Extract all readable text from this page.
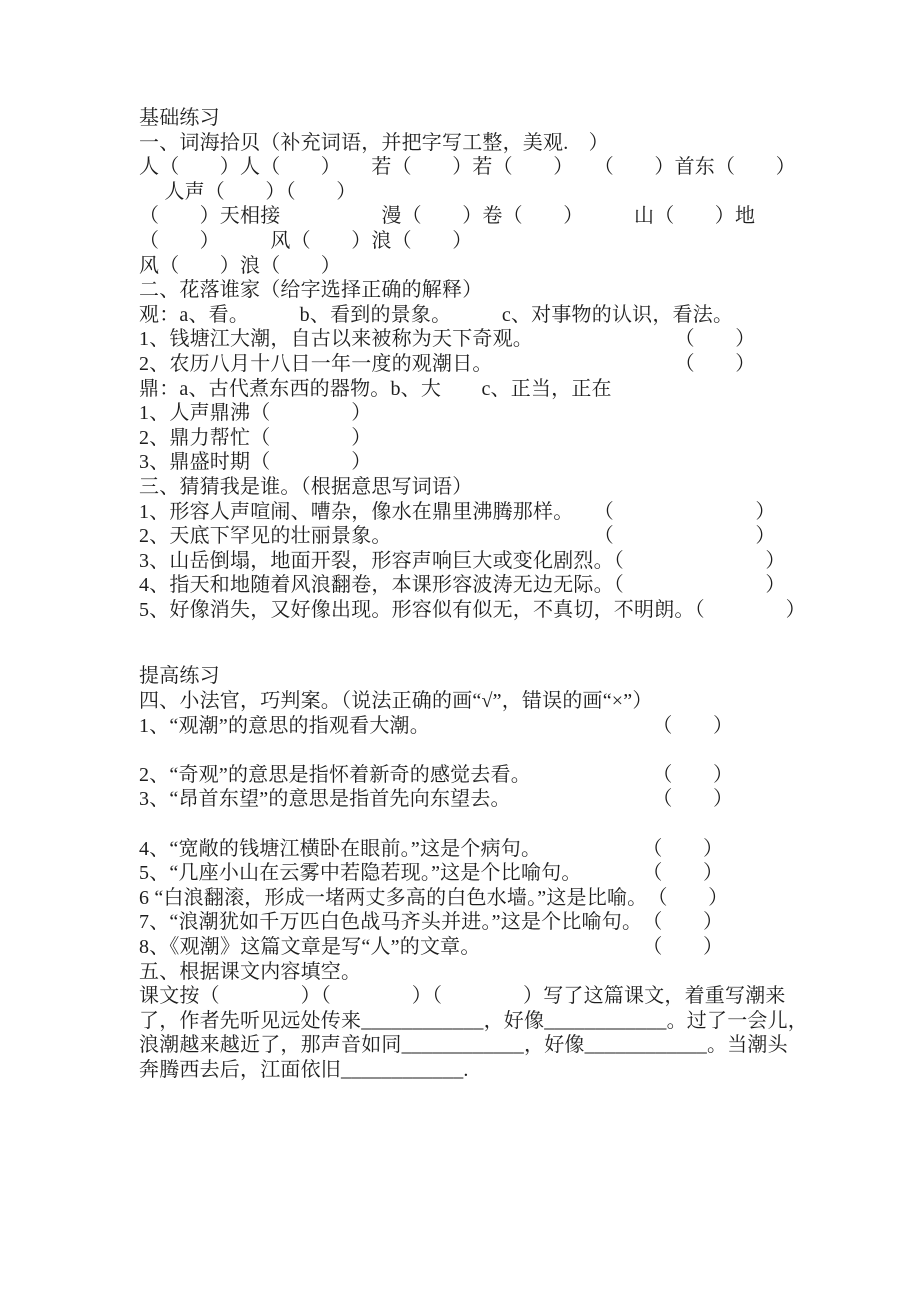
基础练习
一、词海拾贝（补充词语，并把字写工整，美观.　）
人（　　）人（　　）　　若（　　）若（　　）　　（　　）首东（　　）
　 人声（　　）（　　）
（　　）天相接　　　　　漫（　　）卷（　　）　　　山（　　）地
（　　）　　　风（　　）浪（　　）
风（　　）浪（　　）
二、花落谁家（给字选择正确的解释）
观：a、看。　　　b、看到的景象。　　　c、对事物的认识，看法。
1、钱塘江大潮，自古以来被称为天下奇观。　　　　　　　　（　　）
2、农历八月十八日一年一度的观潮日。　　　　　　　　　　（　　）
鼎：a、古代煮东西的器物。b、大　　c、正当，正在
1、人声鼎沸（　　　　）
2、鼎力帮忙（　　　　）
3、鼎盛时期（　　　　）
三、猜猜我是谁。（根据意思写词语）
1、形容人声喧闹、嘈杂，像水在鼎里沸腾那样。　　（　　　　　　　）
2、天底下罕见的壮丽景象。　　　　　　　　　　　（　　　　　　　）
3、山岳倒塌，地面开裂，形容声响巨大或变化剧烈。（　　　　　　　）
4、指天和地随着风浪翻卷，本课形容波涛无边无际。（　　　　　　　）
5、好像消失，又好像出现。形容似有似无，不真切，不明朗。（　　　　）
提高练习
四、小法官，巧判案。（说法正确的画“√”，错误的画“×”）
1、“观潮”的意思的指观看大潮。　　　　　　　　　　　　（　　）
2、“奇观”的意思是指怀着新奇的感觉去看。　　　　　　　（　　）
3、“昂首东望”的意思是指首先向东望去。　　　　　　　　（　　）
4、“宽敞的钱塘江横卧在眼前。”这是个病句。　　　　　　（　　）
5、“几座小山在云雾中若隐若现。”这是个比喻句。　　　　（　　）
6 “白浪翻滚，形成一堵两丈多高的白色水墙。”这是比喻。　（　　）
7、“浪潮犹如千万匹白色战马齐头并进。”这是个比喻句。　（　　）
8、《观潮》这篇文章是写“人”的文章。　　　　　　　　　（　　）
五、根据课文内容填空。
课文按（　　　　）（　　　　）（　　　　）写了这篇课文，着重写潮来
了，作者先听见远处传来____________，好像____________。过了一会儿，
浪潮越来越近了，那声音如同____________，好像____________。当潮头
奔腾西去后，江面依旧____________.
